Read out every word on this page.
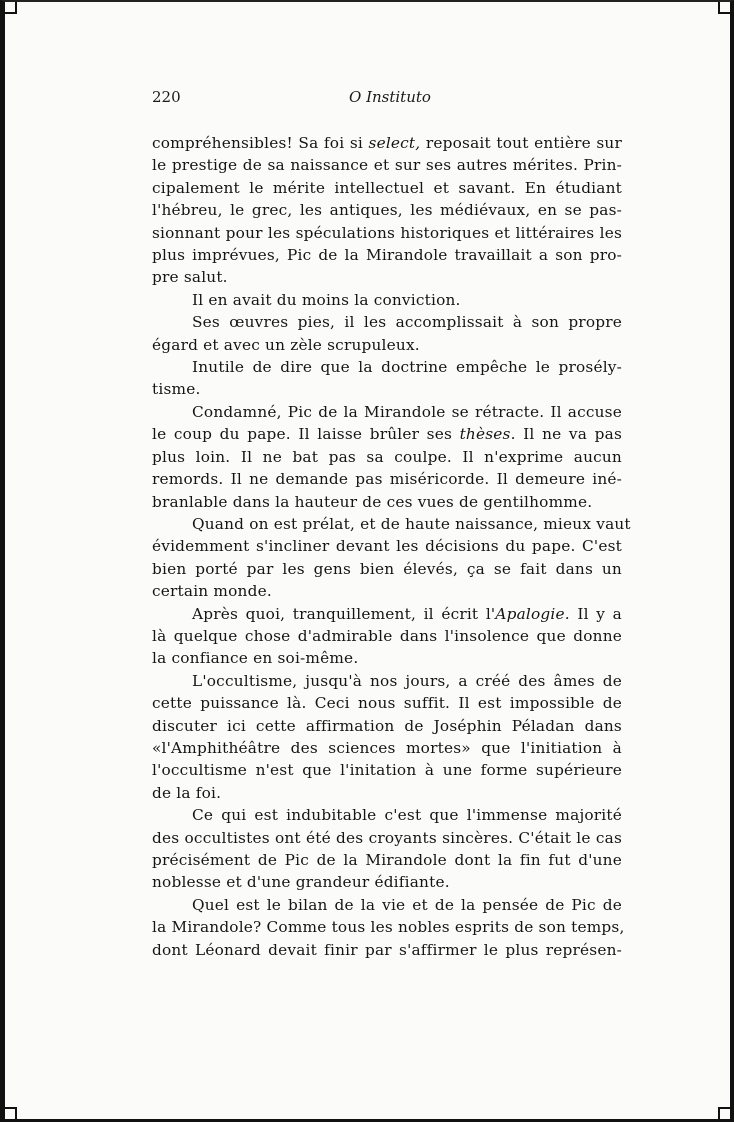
220	O Instituto
compréhensibles! Sa foi si select, reposait tout entière sur
le prestige de sa naissance et sur ses autres mérites. Prin-
cipalement le mérite intellectuel et savant. En étudiant
l'hébreu, le grec, les antiques, les médiévaux, en se pas-
sionnant pour les spéculations historiques et littéraires les
plus imprévues, Pic de la Mirandole travaillait a son pro-
pre salut.
Il en avait du moins la conviction.
Ses œuvres pies, il les accomplissait à son propre
égard et avec un zèle scrupuleux.
Inutile de dire que la doctrine empêche le prosély-
tisme.
Condamné, Pic de la Mirandole se rétracte. Il accuse
le coup du pape. Il laisse brûler ses thèses. Il ne va pas
plus loin. Il ne bat pas sa coulpe. Il n'exprime aucun
remords. Il ne demande pas miséricorde. Il demeure iné-
branlable dans la hauteur de ces vues de gentilhomme.
Quand on est prélat, et de haute naissance, mieux vaut
évidemment s'incliner devant les décisions du pape. C'est
bien porté par les gens bien élevés, ça se fait dans un
certain monde.
Après quoi, tranquillement, il écrit l'Apalogie. Il y a
là quelque chose d'admirable dans l'insolence que donne
la confiance en soi-même.
L'occultisme, jusqu'à nos jours, a créé des âmes de
cette puissance là. Ceci nous suffit. Il est impossible de
discuter ici cette affirmation de Joséphin Péladan dans
«l'Amphithéâtre des sciences mortes» que l'initiation à
l'occultisme n'est que l'initation à une forme supérieure
de la foi.
Ce qui est indubitable c'est que l'immense majorité
des occultistes ont été des croyants sincères. C'était le cas
précisément de Pic de la Mirandole dont la fin fut d'une
noblesse et d'une grandeur édifiante.
Quel est le bilan de la vie et de la pensée de Pic de
la Mirandole? Comme tous les nobles esprits de son temps,
dont Léonard devait finir par s'affirmer le plus représen-
